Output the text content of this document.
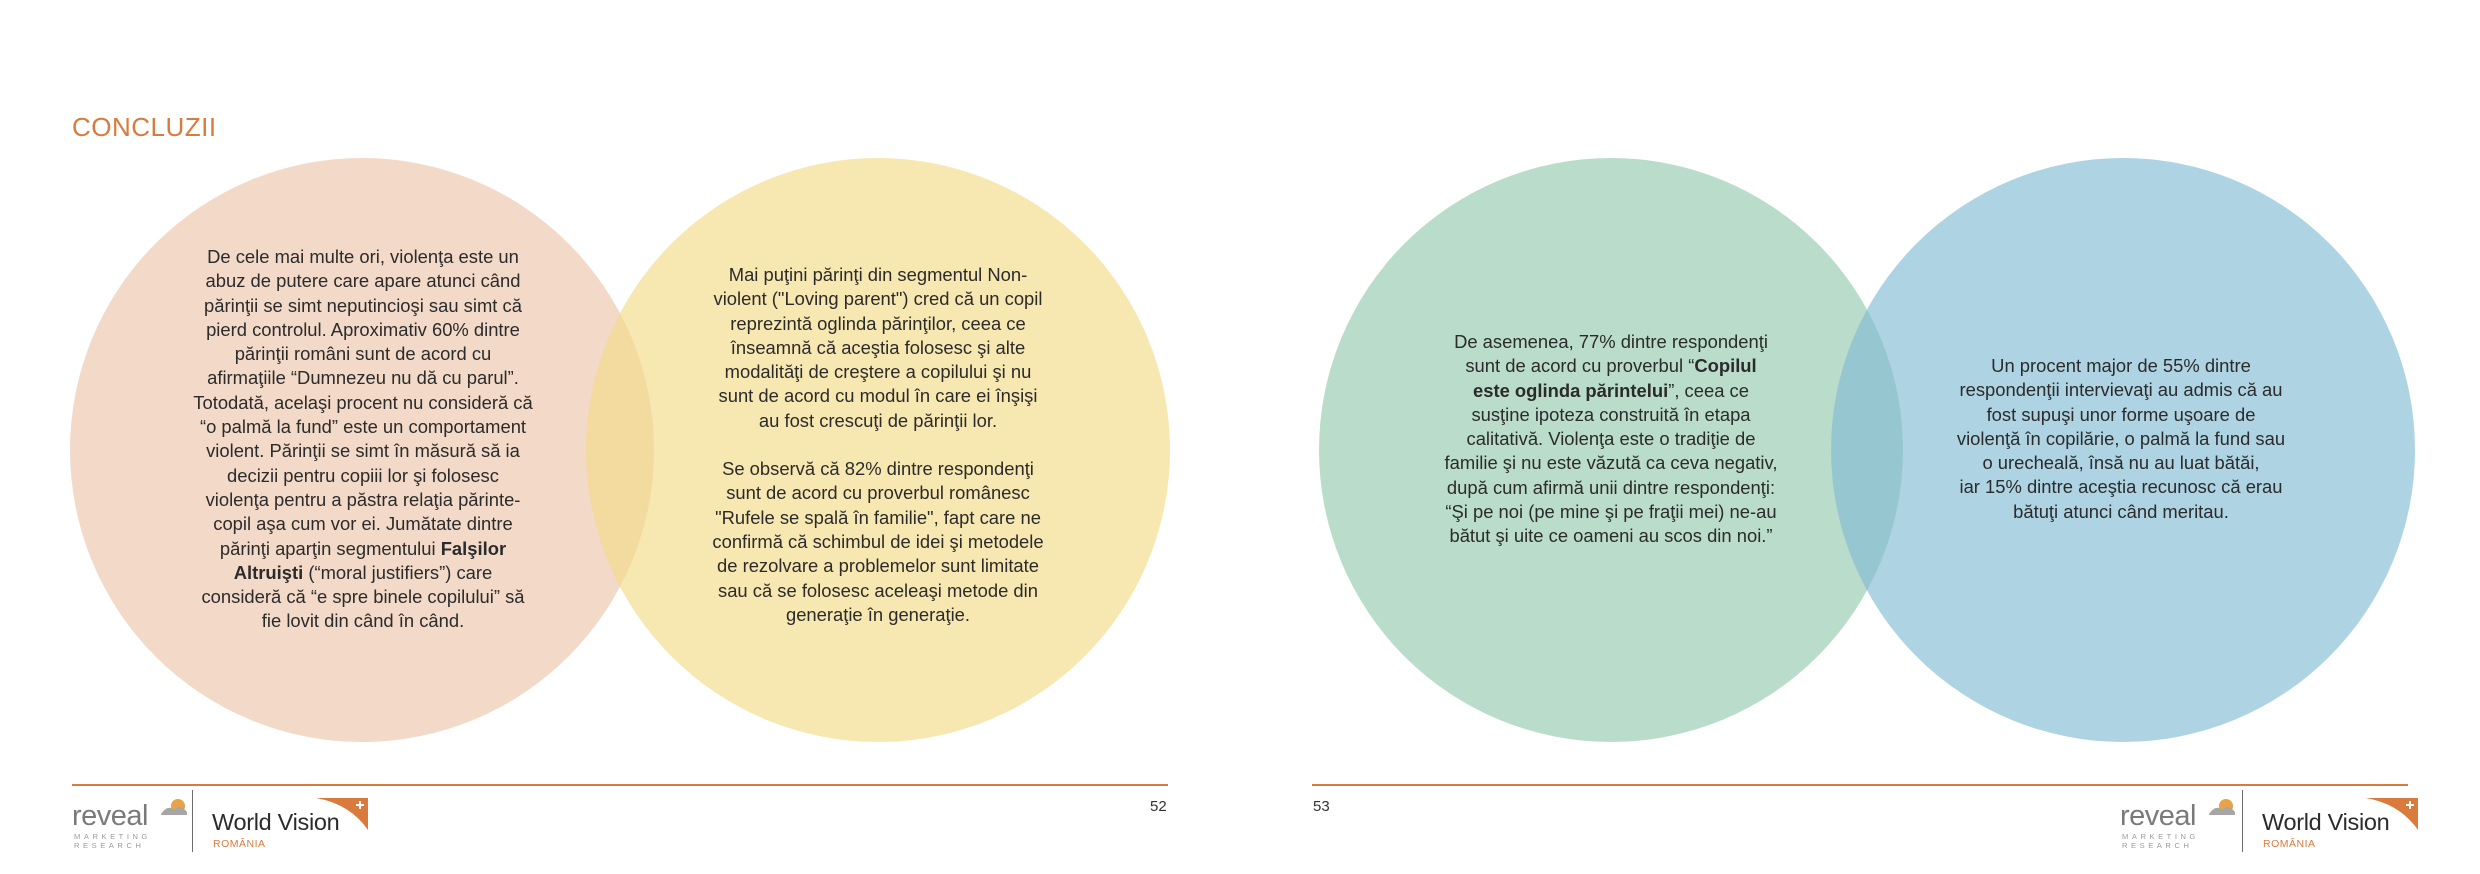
CONCLUZII

De cele mai multe ori, violenţa este un

abuz de putere care apare atunci când

părinţii se simt neputincioşi sau simt că

pierd controlul. Aproximativ 60% dintre

părinţii români sunt de acord cu

afirmaţiile “Dumnezeu nu dă cu parul”.

Totodată, acelaşi procent nu consideră că

“o palmă la fund” este un comportament

violent. Părinţii se simt în măsură să ia

decizii pentru copiii lor şi folosesc

violenţa pentru a păstra relaţia părinte-

copil aşa cum vor ei. Jumătate dintre

părinţi aparţin segmentului Falşilor

Altruişti (“moral justifiers”) care

consideră că “e spre binele copilului” să

fie lovit din când în când.

Mai puţini părinţi din segmentul Non-

violent ("Loving parent") cred că un copil

reprezintă oglinda părinţilor, ceea ce

înseamnă că aceştia folosesc şi alte

modalităţi de creştere a copilului şi nu

sunt de acord cu modul în care ei înşişi

au fost crescuţi de părinţii lor.

Se observă că 82% dintre respondenţi

sunt de acord cu proverbul românesc

"Rufele se spală în familie", fapt care ne

confirmă că schimbul de idei şi metodele

de rezolvare a problemelor sunt limitate

sau că se folosesc aceleaşi metode din

generaţie în generaţie.

De asemenea, 77% dintre respondenţi

sunt de acord cu proverbul “Copilul

este oglinda părintelui”, ceea ce

susţine ipoteza construită în etapa

calitativă. Violenţa este o tradiţie de

familie şi nu este văzută ca ceva negativ,

după cum afirmă unii dintre respondenţi:

“Şi pe noi (pe mine şi pe fraţii mei) ne-au

bătut şi uite ce oameni au scos din noi.”

Un procent major de 55% dintre

respondenţii intervievaţi au admis că au

fost supuşi unor forme uşoare de

violenţă în copilărie, o palmă la fund sau

o urecheală, însă nu au luat bătăi,

iar 15% dintre aceştia recunosc că erau

bătuţi atunci când meritau.

52	53
reveal
MARKETING
RESEARCH
World Vision
ROMÂNIA
reveal
MARKETING
RESEARCH
World Vision
ROMÂNIA
